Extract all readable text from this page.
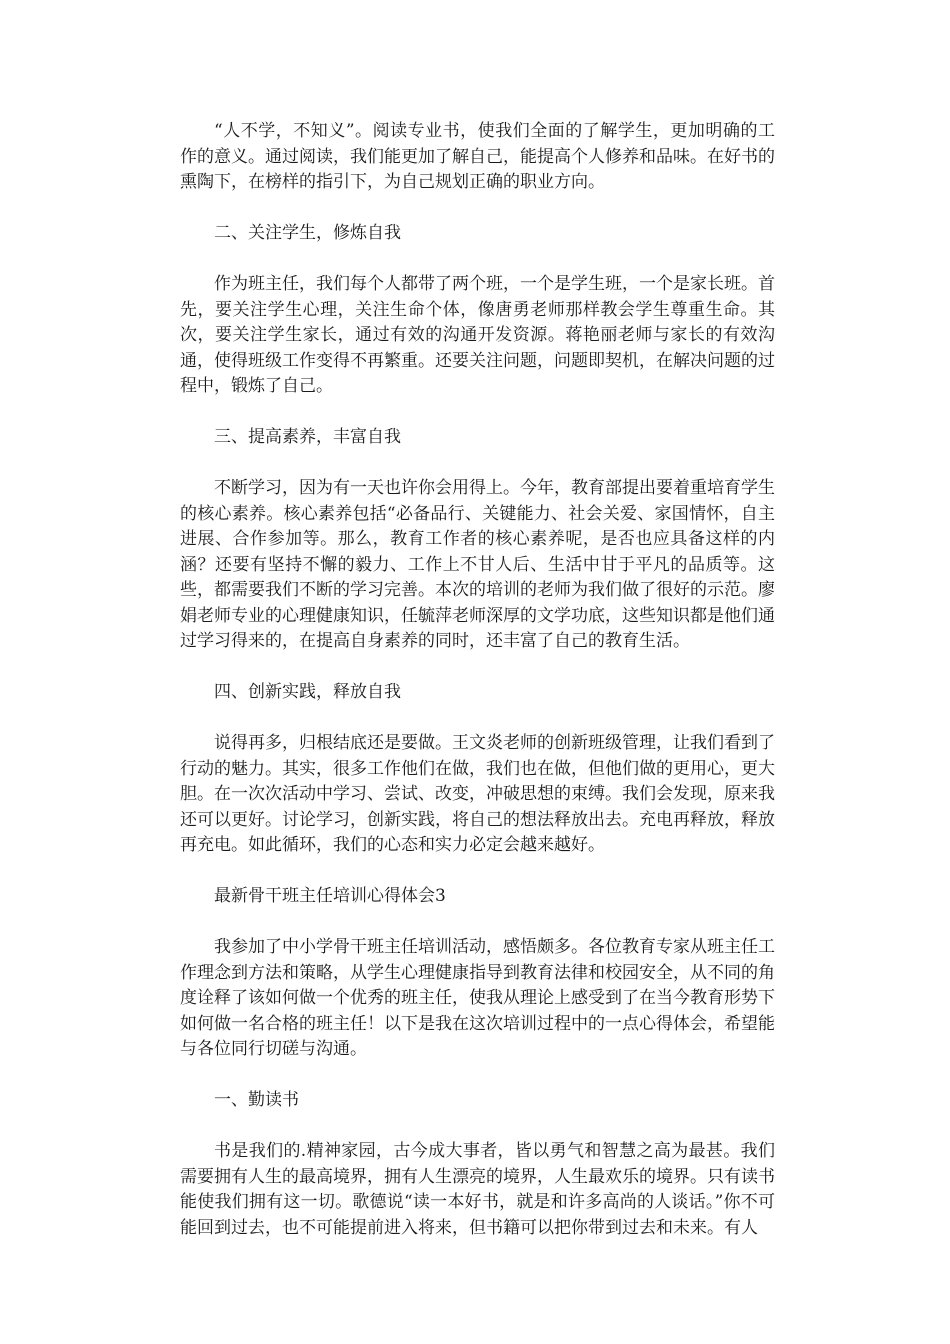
“人不学，不知义”。阅读专业书，使我们全面的了解学生，更加明确的工作的意义。通过阅读，我们能更加了解自己，能提高个人修养和品味。在好书的熏陶下，在榜样的指引下，为自己规划正确的职业方向。

二、关注学生，修炼自我

作为班主任，我们每个人都带了两个班，一个是学生班，一个是家长班。首先，要关注学生心理，关注生命个体，像唐勇老师那样教会学生尊重生命。其次，要关注学生家长，通过有效的沟通开发资源。蒋艳丽老师与家长的有效沟通，使得班级工作变得不再繁重。还要关注问题，问题即契机，在解决问题的过程中，锻炼了自己。

三、提高素养，丰富自我

不断学习，因为有一天也许你会用得上。今年，教育部提出要着重培育学生的核心素养。核心素养包括“必备品行、关键能力、社会关爱、家国情怀，自主进展、合作参加等。那么，教育工作者的核心素养呢，是否也应具备这样的内涵？还要有坚持不懈的毅力、工作上不甘人后、生活中甘于平凡的品质等。这些，都需要我们不断的学习完善。本次的培训的老师为我们做了很好的示范。廖娟老师专业的心理健康知识，任毓萍老师深厚的文学功底，这些知识都是他们通过学习得来的，在提高自身素养的同时，还丰富了自己的教育生活。

四、创新实践，释放自我

说得再多，归根结底还是要做。王文炎老师的创新班级管理，让我们看到了行动的魅力。其实，很多工作他们在做，我们也在做，但他们做的更用心，更大胆。在一次次活动中学习、尝试、改变，冲破思想的束缚。我们会发现，原来我还可以更好。讨论学习，创新实践，将自己的想法释放出去。充电再释放，释放再充电。如此循环，我们的心态和实力必定会越来越好。

最新骨干班主任培训心得体会3

我参加了中小学骨干班主任培训活动，感悟颇多。各位教育专家从班主任工作理念到方法和策略，从学生心理健康指导到教育法律和校园安全，从不同的角度诠释了该如何做一个优秀的班主任，使我从理论上感受到了在当今教育形势下如何做一名合格的班主任！以下是我在这次培训过程中的一点心得体会，希望能与各位同行切磋与沟通。

一、勤读书

书是我们的.精神家园，古今成大事者，皆以勇气和智慧之高为最甚。我们需要拥有人生的最高境界，拥有人生漂亮的境界，人生最欢乐的境界。只有读书能使我们拥有这一切。歌德说“读一本好书，就是和许多高尚的人谈话。”你不可能回到过去，也不可能提前进入将来，但书籍可以把你带到过去和未来。有人
